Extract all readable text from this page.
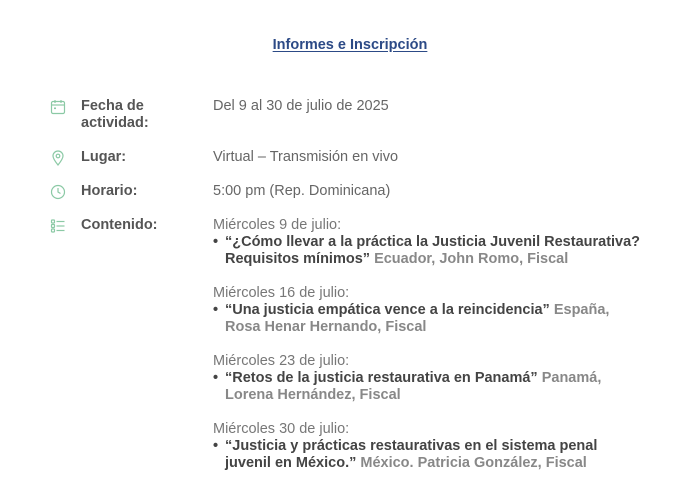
Informes e Inscripción
Fecha de actividad:
Del 9 al 30 de julio de 2025
Lugar:	Virtual – Transmisión en vivo
Horario:	5:00 pm (Rep. Dominicana)
Contenido:	Miércoles 9 de julio:
• “¿Cómo llevar a la práctica la Justicia Juvenil Restaurativa? Requisitos mínimos” Ecuador, John Romo, Fiscal
Miércoles 16 de julio:
• “Una justicia empática vence a la reincidencia” España, Rosa Henar Hernando, Fiscal
Miércoles 23 de julio:
• “Retos de la justicia restaurativa en Panamá” Panamá, Lorena Hernández, Fiscal
Miércoles 30 de julio:
• “Justicia y prácticas restaurativas en el sistema penal juvenil en México.” México. Patricia González, Fiscal
